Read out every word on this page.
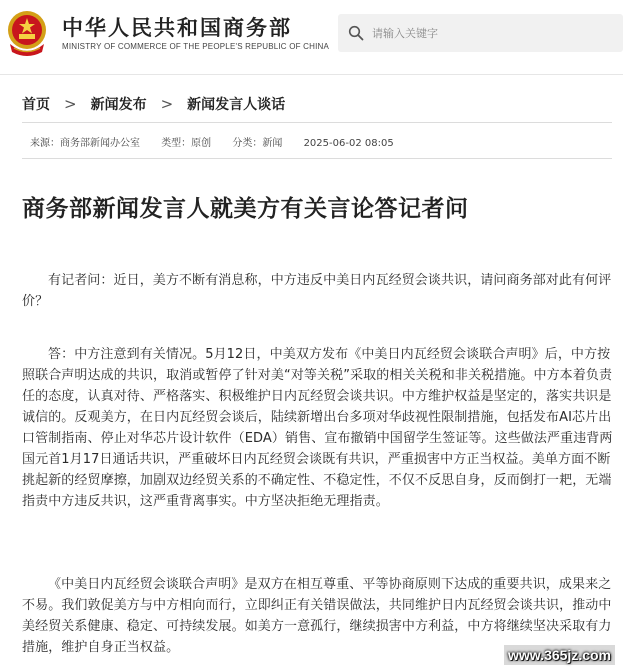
中华人民共和国商务部
MINISTRY OF COMMERCE OF THE PEOPLE'S REPUBLIC OF CHINA
请输入关键字
首页 > 新闻发布 > 新闻发言人谈话
来源：商务部新闻办公室 类型：原创 分类：新闻 2025-06-02 08:05
商务部新闻发言人就美方有关言论答记者问
有记者问：近日，美方不断有消息称，中方违反中美日内瓦经贸会谈共识，请问商务部对此有何评价？
答：中方注意到有关情况。5月12日，中美双方发布《中美日内瓦经贸会谈联合声明》后，中方按照联合声明达成的共识，取消或暂停了针对美“对等关税”采取的相关关税和非关税措施。中方本着负责任的态度，认真对待、严格落实、积极维护日内瓦经贸会谈共识。中方维护权益是坚定的，落实共识是诚信的。反观美方，在日内瓦经贸会谈后，陆续新增出台多项对华歧视性限制措施，包括发布AI芯片出口管制指南、停止对华芯片设计软件（EDA）销售、宣布撤销中国留学生签证等。这些做法严重违背两国元首1月17日通话共识，严重破坏日内瓦经贸会谈既有共识，严重损害中方正当权益。美单方面不断挑起新的经贸摩擦，加剧双边经贸关系的不确定性、不稳定性，不仅不反思自身，反而倒打一耙，无端指责中方违反共识，这严重背离事实。中方坚决拒绝无理指责。
《中美日内瓦经贸会谈联合声明》是双方在相互尊重、平等协商原则下达成的重要共识，成果来之不易。我们敦促美方与中方相向而行，立即纠正有关错误做法，共同维护日内瓦经贸会谈共识，推动中美经贸关系健康、稳定、可持续发展。如美方一意孤行，继续损害中方利益，中方将继续坚决采取有力措施，维护自身正当权益。	www.365jz.com
